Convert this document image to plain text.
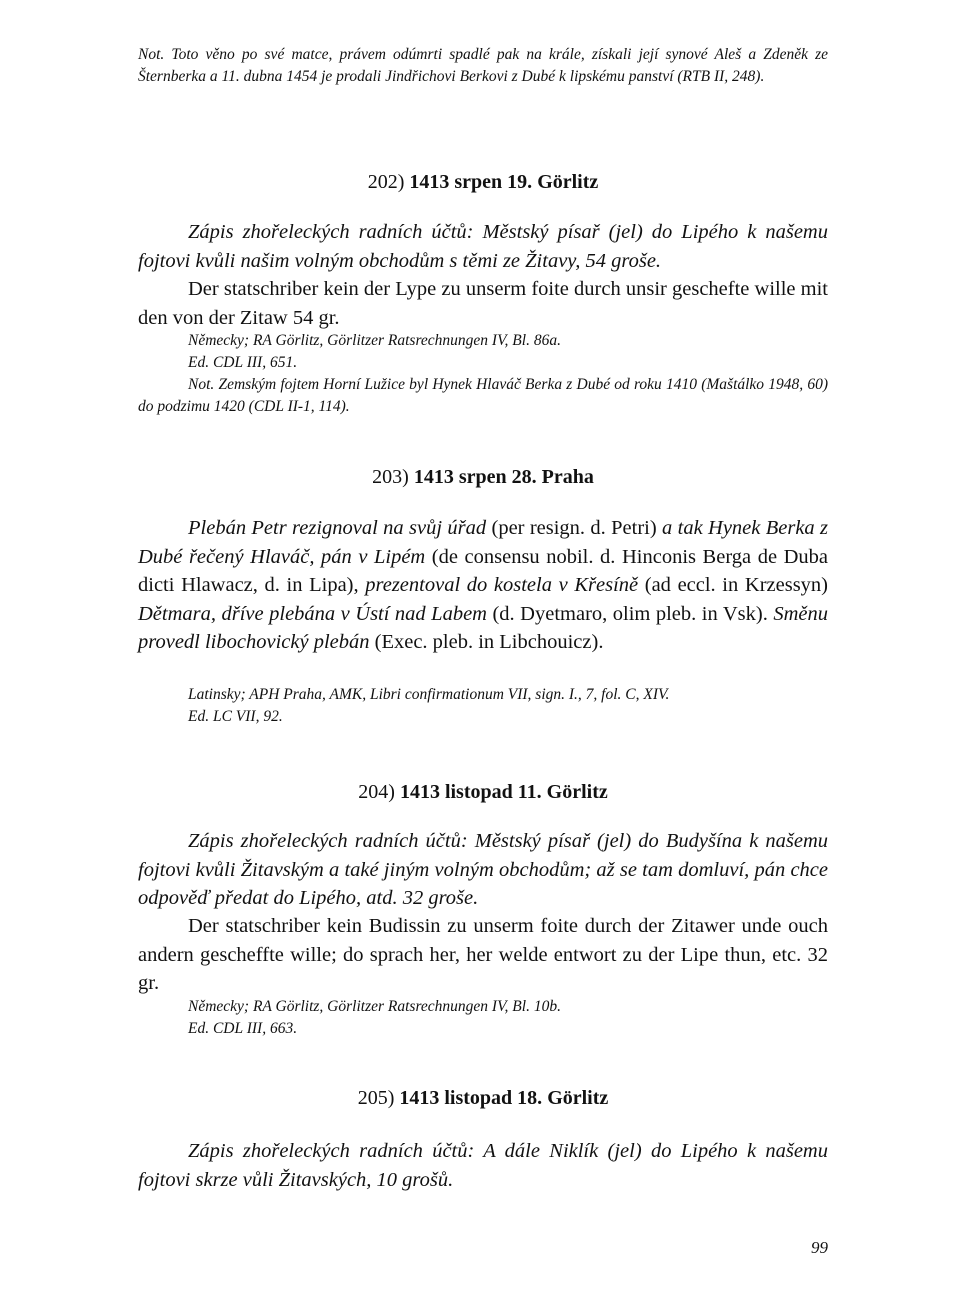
Not. Toto věno po své matce, právem odúmrti spadlé pak na krále, získali její synové Aleš a Zdeněk ze Šternberka a 11. dubna 1454 je prodali Jindřichovi Berkovi z Dubé k lipskému panství (RTB II, 248).

202) 1413 srpen 19. Görlitz

Zápis zhořeleckých radních účtů: Městský písař (jel) do Lipého k našemu fojtovi kvůli našim volným obchodům s těmi ze Žitavy, 54 groše.

Der statschriber kein der Lype zu unserm foite durch unsir geschefte wille mit den von der Zitaw 54 gr.

Německy; RA Görlitz, Görlitzer Ratsrechnungen IV, Bl. 86a.

Ed. CDL III, 651.

Not. Zemským fojtem Horní Lužice byl Hynek Hlaváč Berka z Dubé od roku 1410 (Maštálko 1948, 60) do podzimu 1420 (CDL II-1, 114).

203) 1413 srpen 28. Praha

Plebán Petr rezignoval na svůj úřad (per resign. d. Petri) a tak Hynek Berka z Dubé řečený Hlaváč, pán v Lipém (de consensu nobil. d. Hinconis Berga de Duba dicti Hlawacz, d. in Lipa), prezentoval do kostela v Křesíně (ad eccl. in Krzessyn) Dětmara, dříve plebána v Ústí nad Labem (d. Dyetmaro, olim pleb. in Vsk). Směnu provedl libochovický plebán (Exec. pleb. in Libchouicz).

Latinsky; APH Praha, AMK, Libri confirmationum VII, sign. I., 7, fol. C, XIV.

Ed. LC VII, 92.

204) 1413 listopad 11. Görlitz

Zápis zhořeleckých radních účtů: Městský písař (jel) do Budyšína k našemu fojtovi kvůli Žitavským a také jiným volným obchodům; až se tam domluví, pán chce odpověď předat do Lipého, atd. 32 groše.

Der statschriber kein Budissin zu unserm foite durch der Zitawer unde ouch andern gescheffte wille; do sprach her, her welde entwort zu der Lipe thun, etc. 32 gr.

Německy; RA Görlitz, Görlitzer Ratsrechnungen IV, Bl. 10b.

Ed. CDL III, 663.

205) 1413 listopad 18. Görlitz

Zápis zhořeleckých radních účtů: A dále Niklík (jel) do Lipého k našemu fojtovi skrze vůli Žitavských, 10 grošů.

99
